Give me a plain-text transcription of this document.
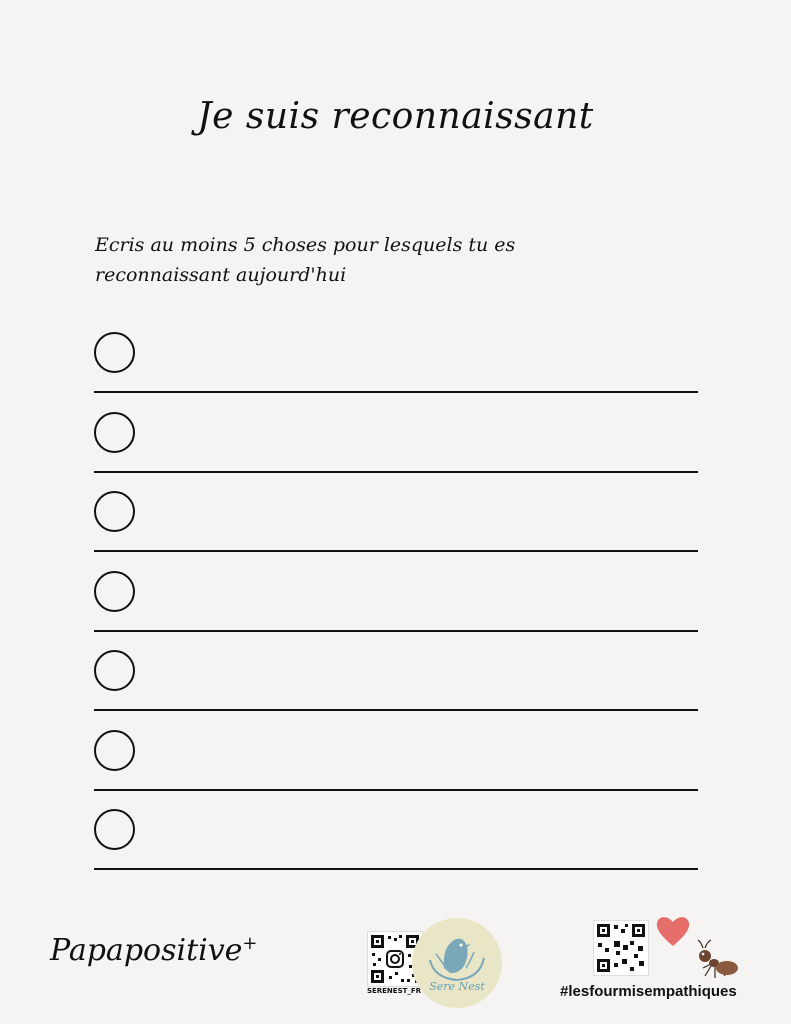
Je suis reconnaissant
Ecris au moins 5 choses pour lesquels tu es reconnaissant aujourd'hui
Papapositive+
SERENEST_FR Sere Nest	#lesfourmisempathiques
